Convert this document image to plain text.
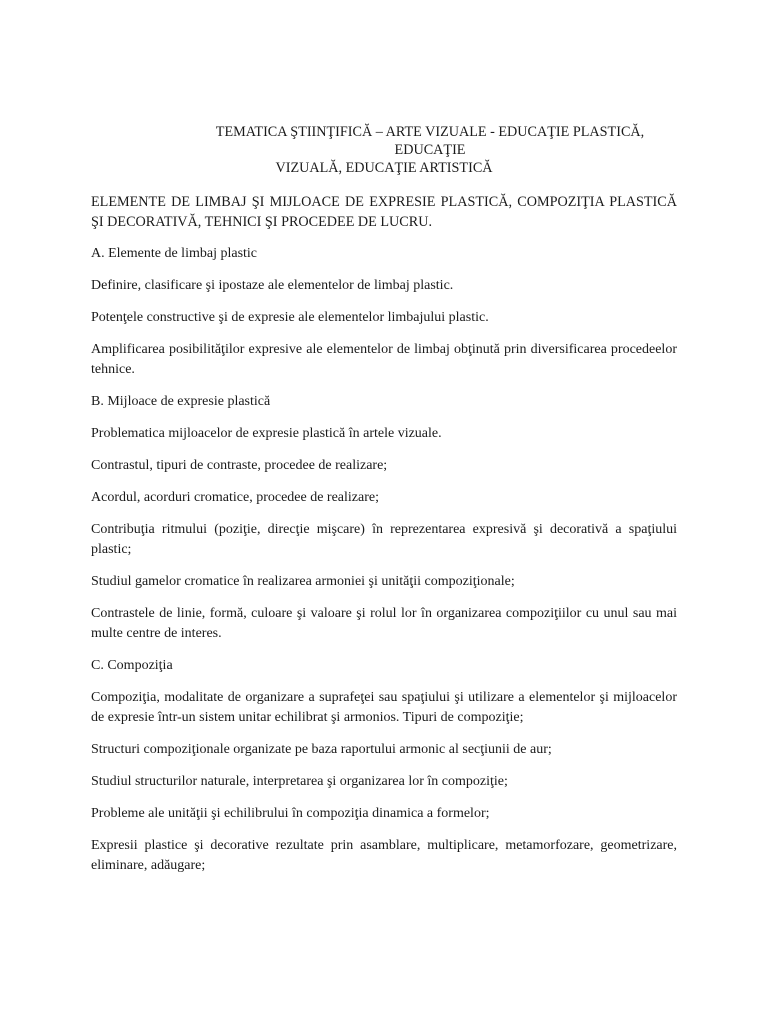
TEMATICA ŞTIINŢIFICĂ – ARTE VIZUALE - EDUCAŢIE PLASTICĂ, EDUCAŢIE
VIZUALĂ, EDUCAŢIE ARTISTICĂ

ELEMENTE DE LIMBAJ ŞI MIJLOACE DE EXPRESIE PLASTICĂ, COMPOZIŢIA PLASTICĂ ŞI DECORATIVĂ, TEHNICI ŞI PROCEDEE DE LUCRU.

A. Elemente de limbaj plastic

Definire, clasificare şi ipostaze ale elementelor de limbaj plastic.

Potenţele constructive şi de expresie ale elementelor limbajului plastic.

Amplificarea posibilităţilor expresive ale elementelor de limbaj obţinută prin diversificarea procedeelor tehnice.

B. Mijloace de expresie plastică

Problematica mijloacelor de expresie plastică în artele vizuale.

Contrastul, tipuri de contraste, procedee de realizare;

Acordul, acorduri cromatice, procedee de realizare;

Contribuţia ritmului (poziţie, direcţie mişcare) în reprezentarea expresivă şi decorativă a spaţiului plastic;

Studiul gamelor cromatice în realizarea armoniei şi unităţii compoziţionale;

Contrastele de linie, formă, culoare şi valoare şi rolul lor în organizarea compoziţiilor cu unul sau mai multe centre de interes.

C. Compoziţia

Compoziţia, modalitate de organizare a suprafeţei sau spaţiului şi utilizare a elementelor şi mijloacelor de expresie într-un sistem unitar echilibrat şi armonios. Tipuri de compoziţie;

Structuri compoziţionale organizate pe baza raportului armonic al secţiunii de aur;

Studiul structurilor naturale, interpretarea şi organizarea lor în compoziţie;

Probleme ale unităţii şi echilibrului în compoziţia dinamica a formelor;

Expresii plastice şi decorative rezultate prin asamblare, multiplicare, metamorfozare, geometrizare, eliminare, adăugare;
